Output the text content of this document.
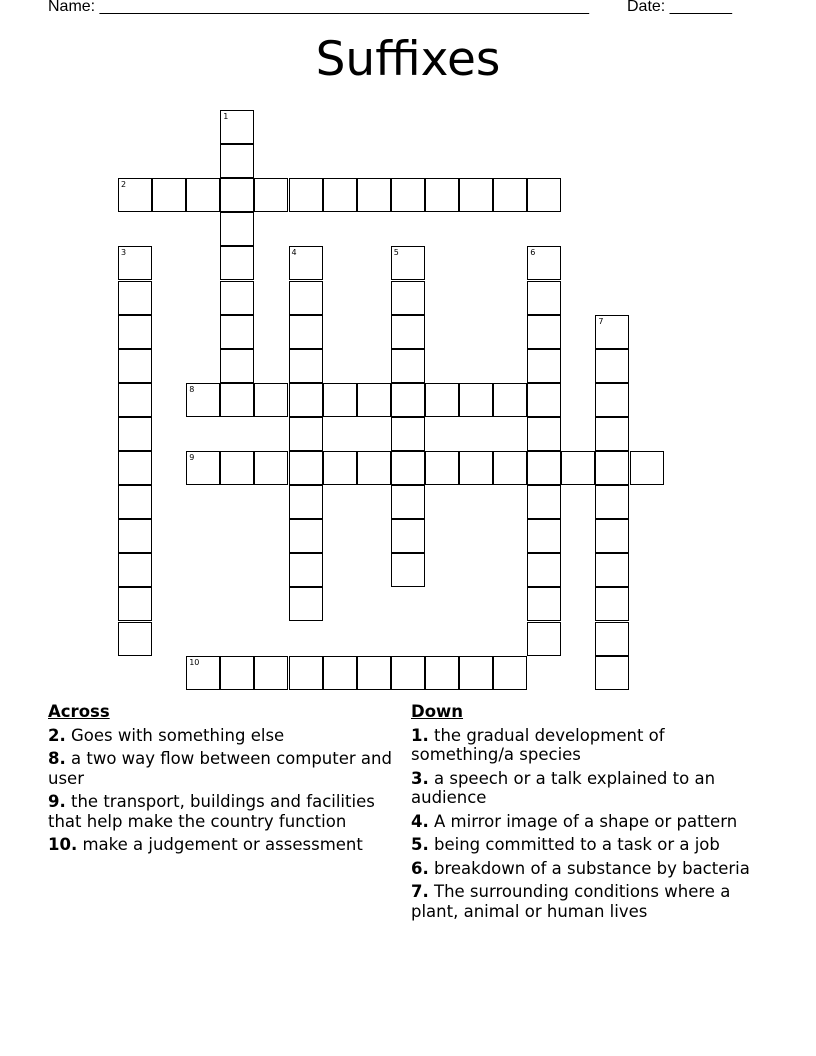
Name: _______________________________________________________ Date: _______
Suffixes
1
2
3	4	5	6
7
8
9
10
Across
2. Goes with something else
8. a two way flow between computer and user
9. the transport, buildings and facilities that help make the country function
10. make a judgement or assessment
Down
1. the gradual development of something/a species
3. a speech or a talk explained to an audience
4. A mirror image of a shape or pattern
5. being committed to a task or a job
6. breakdown of a substance by bacteria
7. The surrounding conditions where a plant, animal or human lives
